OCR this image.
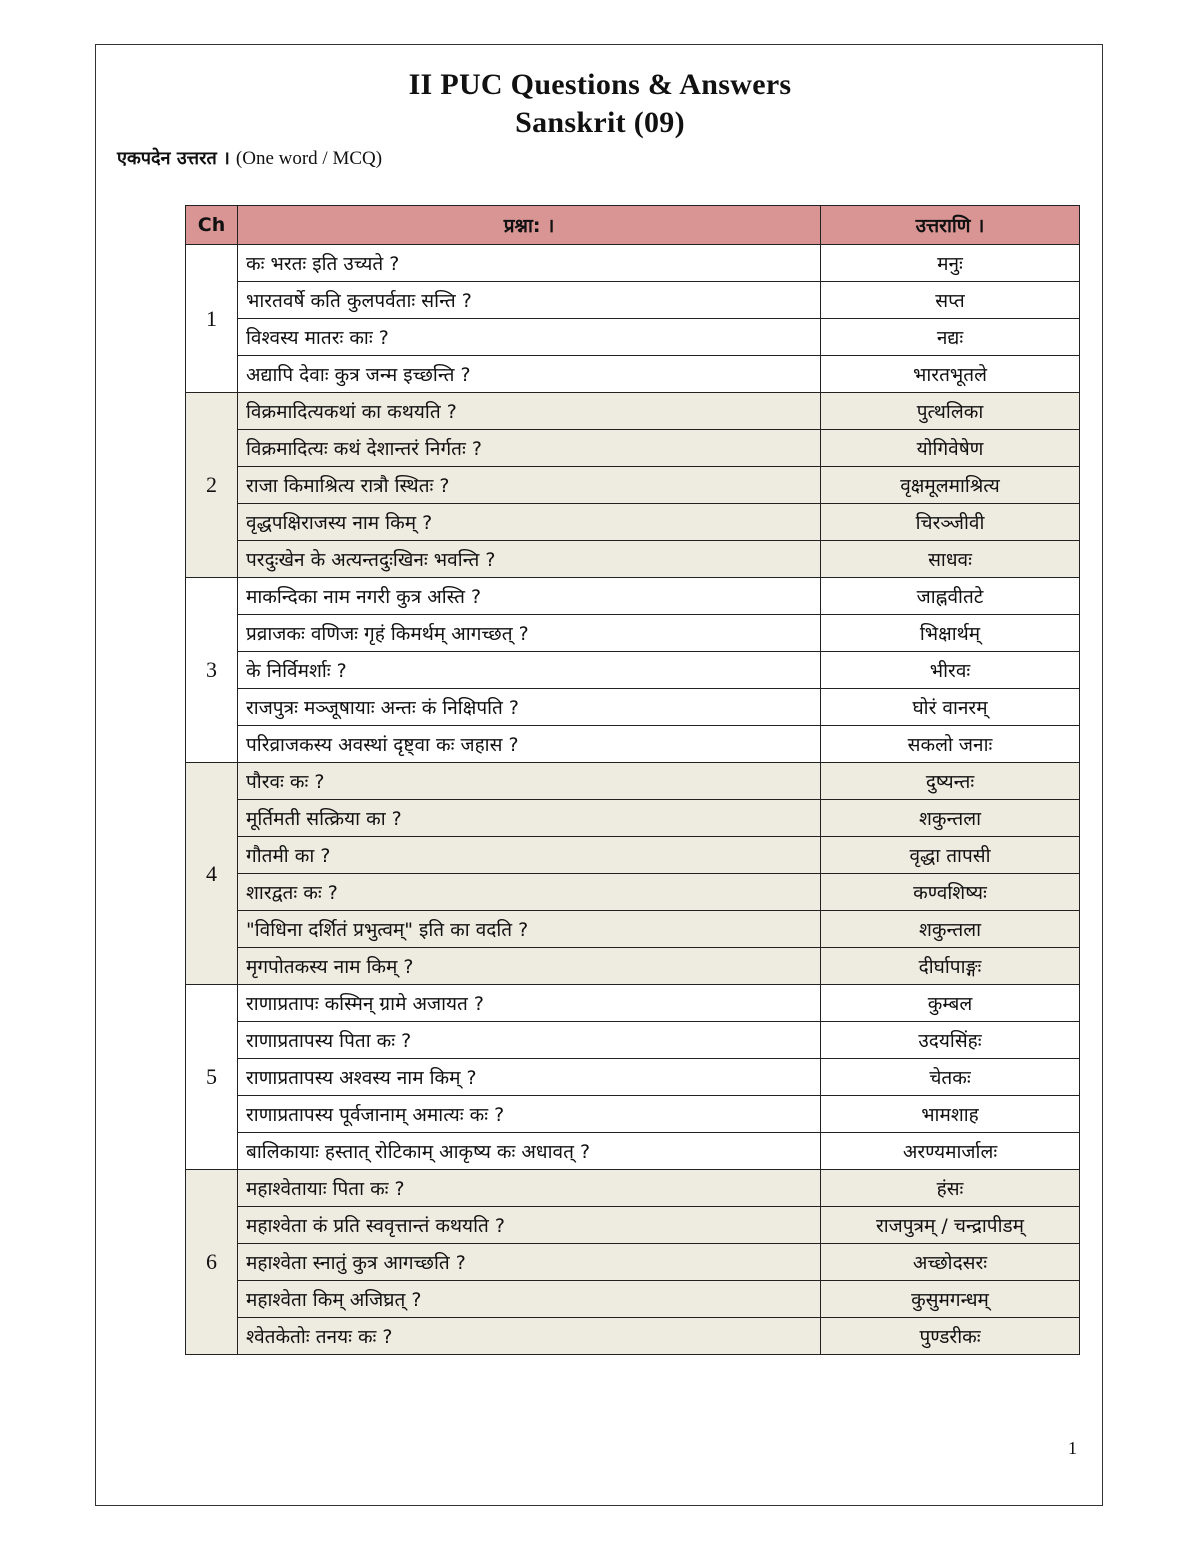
II PUC Questions & Answers
Sanskrit (09)
एकपदेन उत्तरत । (One word / MCQ)
Ch	प्रश्ना: ।	उत्तराणि ।
1	कः भरतः इति उच्यते ?	मनुः
	भारतवर्षे कति कुलपर्वताः सन्ति ?	सप्त
	विश्वस्य मातरः काः ?	नद्यः
	अद्यापि देवाः कुत्र जन्म इच्छन्ति ?	भारतभूतले
2	विक्रमादित्यकथां का कथयति ?	पुत्थलिका
	विक्रमादित्यः कथं देशान्तरं निर्गतः ?	योगिवेषेण
	राजा किमाश्रित्य रात्रौ स्थितः ?	वृक्षमूलमाश्रित्य
	वृद्धपक्षिराजस्य नाम किम् ?	चिरञ्जीवी
	परदुःखेन के अत्यन्तदुःखिनः भवन्ति ?	साधवः
3	माकन्दिका नाम नगरी कुत्र अस्ति ?	जाह्नवीतटे
	प्रव्राजकः वणिजः गृहं किमर्थम् आगच्छत् ?	भिक्षार्थम्
	के निर्विमर्शाः ?	भीरवः
	राजपुत्रः मञ्जूषायाः अन्तः कं निक्षिपति ?	घोरं वानरम्
	परिव्राजकस्य अवस्थां दृष्ट्वा कः जहास ?	सकलो जनाः
4	पौरवः कः ?	दुष्यन्तः
	मूर्तिमती सत्क्रिया का ?	शकुन्तला
	गौतमी का ?	वृद्धा तापसी
	शारद्वतः कः ?	कण्वशिष्यः
	"विधिना दर्शितं प्रभुत्वम्" इति का वदति ?	शकुन्तला
	मृगपोतकस्य नाम किम् ?	दीर्घापाङ्गः
5	राणाप्रतापः कस्मिन् ग्रामे अजायत ?	कुम्बल
	राणाप्रतापस्य पिता कः ?	उदयसिंहः
	राणाप्रतापस्य अश्वस्य नाम किम् ?	चेतकः
	राणाप्रतापस्य पूर्वजानाम् अमात्यः कः ?	भामशाह
	बालिकायाः हस्तात् रोटिकाम् आकृष्य कः अधावत् ?	अरण्यमार्जालः
6	महाश्वेतायाः पिता कः ?	हंसः
	महाश्वेता कं प्रति स्ववृत्तान्तं कथयति ?	राजपुत्रम् / चन्द्रापीडम्
	महाश्वेता स्नातुं कुत्र आगच्छति ?	अच्छोदसरः
	महाश्वेता किम् अजिघ्रत् ?	कुसुमगन्धम्
	श्वेतकेतोः तनयः कः ?	पुण्डरीकः
1
